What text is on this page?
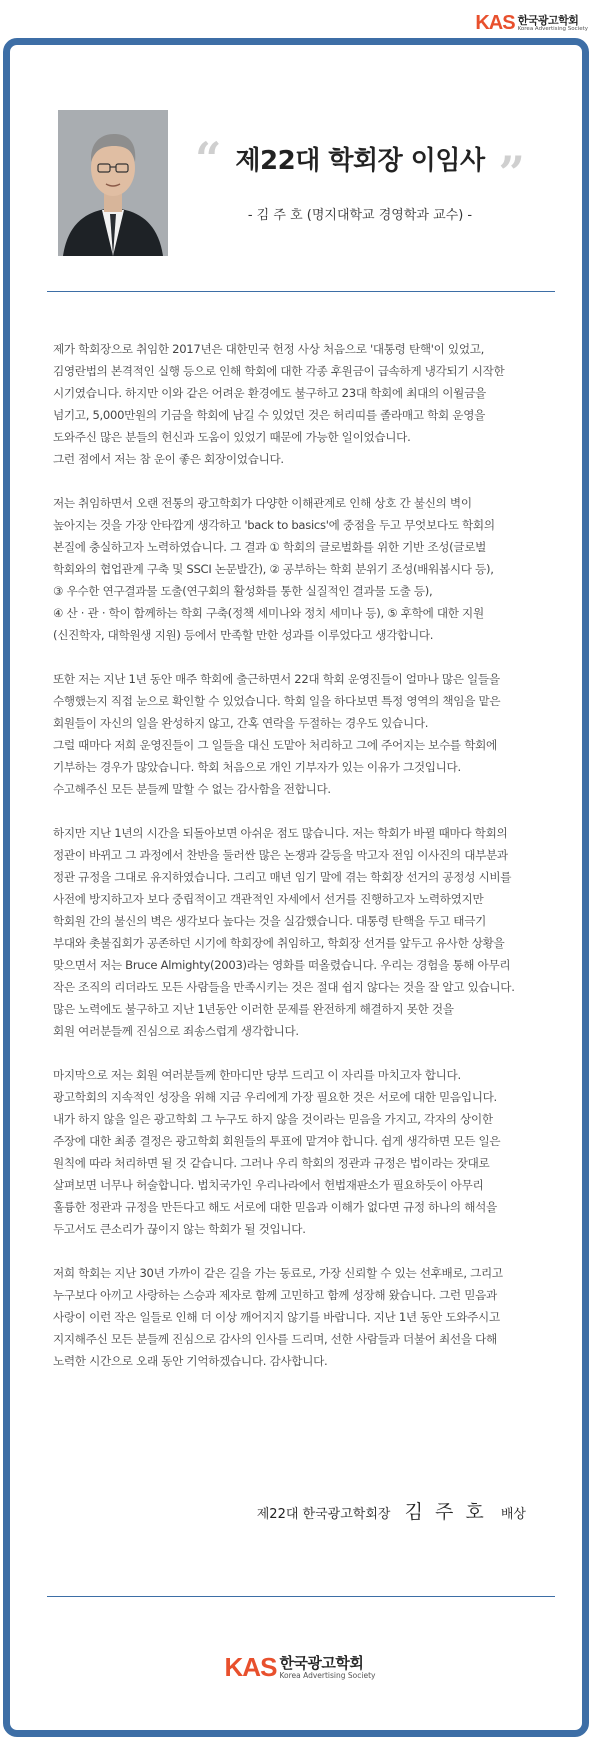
KAS 한국광고학회
Korea Advertising Society
“ 제22대 학회장 이임사 ”
- 김 주 호 (명지대학교 경영학과 교수) -

제가 학회장으로 취임한 2017년은 대한민국 헌정 사상 처음으로 '대통령 탄핵'이 있었고,
김영란법의 본격적인 실행 등으로 인해 학회에 대한 각종 후원금이 급속하게 냉각되기 시작한
시기였습니다. 하지만 이와 같은 어려운 환경에도 불구하고 23대 학회에 최대의 이월금을
넘기고, 5,000만원의 기금을 학회에 남길 수 있었던 것은 허리띠를 졸라매고 학회 운영을
도와주신 많은 분들의 헌신과 도움이 있었기 때문에 가능한 일이었습니다.
그런 점에서 저는 참 운이 좋은 회장이었습니다.

저는 취임하면서 오랜 전통의 광고학회가 다양한 이해관계로 인해 상호 간 불신의 벽이
높아지는 것을 가장 안타깝게 생각하고 'back to basics'에 중점을 두고 무엇보다도 학회의
본질에 충실하고자 노력하였습니다. 그 결과 ① 학회의 글로벌화를 위한 기반 조성(글로벌
학회와의 협업관계 구축 및 SSCI 논문발간), ② 공부하는 학회 분위기 조성(배워봅시다 등),
③ 우수한 연구결과물 도출(연구회의 활성화를 통한 실질적인 결과물 도출 등),
④ 산 · 관 · 학이 함께하는 학회 구축(정책 세미나와 정치 세미나 등), ⑤ 후학에 대한 지원
(신진학자, 대학원생 지원) 등에서 만족할 만한 성과를 이루었다고 생각합니다.

또한 저는 지난 1년 동안 매주 학회에 출근하면서 22대 학회 운영진들이 얼마나 많은 일들을
수행했는지 직접 눈으로 확인할 수 있었습니다. 학회 일을 하다보면 특정 영역의 책임을 맡은
회원들이 자신의 일을 완성하지 않고, 간혹 연락을 두절하는 경우도 있습니다.
그럴 때마다 저희 운영진들이 그 일들을 대신 도맡아 처리하고 그에 주어지는 보수를 학회에
기부하는 경우가 많았습니다. 학회 처음으로 개인 기부자가 있는 이유가 그것입니다.
수고해주신 모든 분들께 말할 수 없는 감사함을 전합니다.

하지만 지난 1년의 시간을 되돌아보면 아쉬운 점도 많습니다. 저는 학회가 바뀔 때마다 학회의
정관이 바뀌고 그 과정에서 찬반을 둘러싼 많은 논쟁과 갈등을 막고자 전임 이사진의 대부분과
정관 규정을 그대로 유지하였습니다. 그리고 매년 임기 말에 겪는 학회장 선거의 공정성 시비를
사전에 방지하고자 보다 중립적이고 객관적인 자세에서 선거를 진행하고자 노력하였지만
학회원 간의 불신의 벽은 생각보다 높다는 것을 실감했습니다. 대통령 탄핵을 두고 태극기
부대와 촛불집회가 공존하던 시기에 학회장에 취임하고, 학회장 선거를 앞두고 유사한 상황을
맞으면서 저는 Bruce Almighty(2003)라는 영화를 떠올렸습니다. 우리는 경험을 통해 아무리
작은 조직의 리더라도 모든 사람들을 만족시키는 것은 절대 쉽지 않다는 것을 잘 알고 있습니다.
많은 노력에도 불구하고 지난 1년동안 이러한 문제를 완전하게 해결하지 못한 것을
회원 여러분들께 진심으로 죄송스럽게 생각합니다.

마지막으로 저는 회원 여러분들께 한마디만 당부 드리고 이 자리를 마치고자 합니다.
광고학회의 지속적인 성장을 위해 지금 우리에게 가장 필요한 것은 서로에 대한 믿음입니다.
내가 하지 않을 일은 광고학회 그 누구도 하지 않을 것이라는 믿음을 가지고, 각자의 상이한
주장에 대한 최종 결정은 광고학회 회원들의 투표에 맡겨야 합니다. 쉽게 생각하면 모든 일은
원칙에 따라 처리하면 될 것 같습니다. 그러나 우리 학회의 정관과 규정은 법이라는 잣대로
살펴보면 너무나 허술합니다. 법치국가인 우리나라에서 헌법재판소가 필요하듯이 아무리
훌륭한 정관과 규정을 만든다고 해도 서로에 대한 믿음과 이해가 없다면 규정 하나의 해석을
두고서도 큰소리가 끊이지 않는 학회가 될 것입니다.

저희 학회는 지난 30년 가까이 같은 길을 가는 동료로, 가장 신뢰할 수 있는 선후배로, 그리고
누구보다 아끼고 사랑하는 스승과 제자로 함께 고민하고 함께 성장해 왔습니다. 그런 믿음과
사랑이 이런 작은 일들로 인해 더 이상 깨어지지 않기를 바랍니다. 지난 1년 동안 도와주시고
지지해주신 모든 분들께 진심으로 감사의 인사를 드리며, 선한 사람들과 더불어 최선을 다해
노력한 시간으로 오래 동안 기억하겠습니다. 감사합니다.

제22대 한국광고학회장 김 주 호 배상
KAS 한국광고학회
Korea Advertising Society
